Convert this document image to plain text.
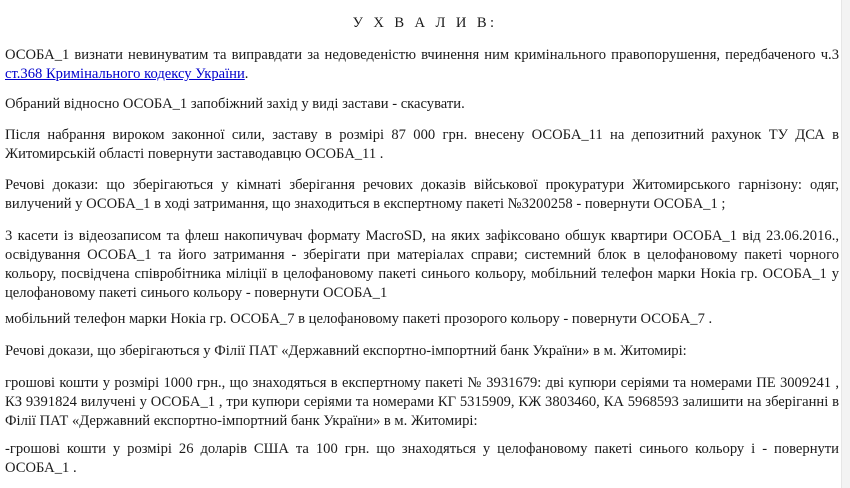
У Х В А Л И В:

ОСОБА_1 визнати невинуватим та виправдати за недоведеністю вчинення ним кримінального правопорушення, передбаченого ч.3
ст.368 Кримінального кодексу України.

Обраний відносно ОСОБА_1 запобіжний захід у виді застави - скасувати.

Після набрання вироком законної сили, заставу в розмірі 87 000 грн. внесену ОСОБА_11 на депозитний рахунок ТУ ДСА в
Житомирській області повернути заставодавцю ОСОБА_11 .

Речові докази: що зберігаються у кімнаті зберігання речових доказів військової прокуратури Житомирського гарнізону: одяг,
вилучений у ОСОБА_1 в ході затримання, що знаходиться в експертному пакеті №3200258 - повернути ОСОБА_1 ;

3 касети із відеозаписом та флеш накопичувач формату MacroSD, на яких зафіксовано обшук квартири ОСОБА_1 від 23.06.2016.,
освідування ОСОБА_1 та його затримання - зберігати при матеріалах справи; системний блок в целофановому пакеті чорного
кольору, посвідчена співробітника міліції в целофановому пакеті синього кольору, мобільний телефон марки Нокіа гр. ОСОБА_1 у
целофановому пакеті синього кольору - повернути ОСОБА_1

мобільний телефон марки Нокіа гр. ОСОБА_7 в целофановому пакеті прозорого кольору - повернути ОСОБА_7 .

Речові докази, що зберігаються у Філії ПАТ «Державний експортно-імпортний банк України» в м. Житомирі:

грошові кошти у розмірі 1000 грн., що знаходяться в експертному пакеті № 3931679: дві купюри серіями та номерами ПЕ 3009241 ,
КЗ 9391824 вилучені у ОСОБА_1 , три купюри серіями та номерами КГ 5315909, КЖ 3803460, КА 5968593 залишити на зберіганні в
Філії ПАТ «Державний експортно-імпортний банк України» в м. Житомирі:

-грошові кошти у розмірі 26 доларів США та 100 грн. що знаходяться у целофановому пакеті синього кольору і - повернути
ОСОБА_1 .
